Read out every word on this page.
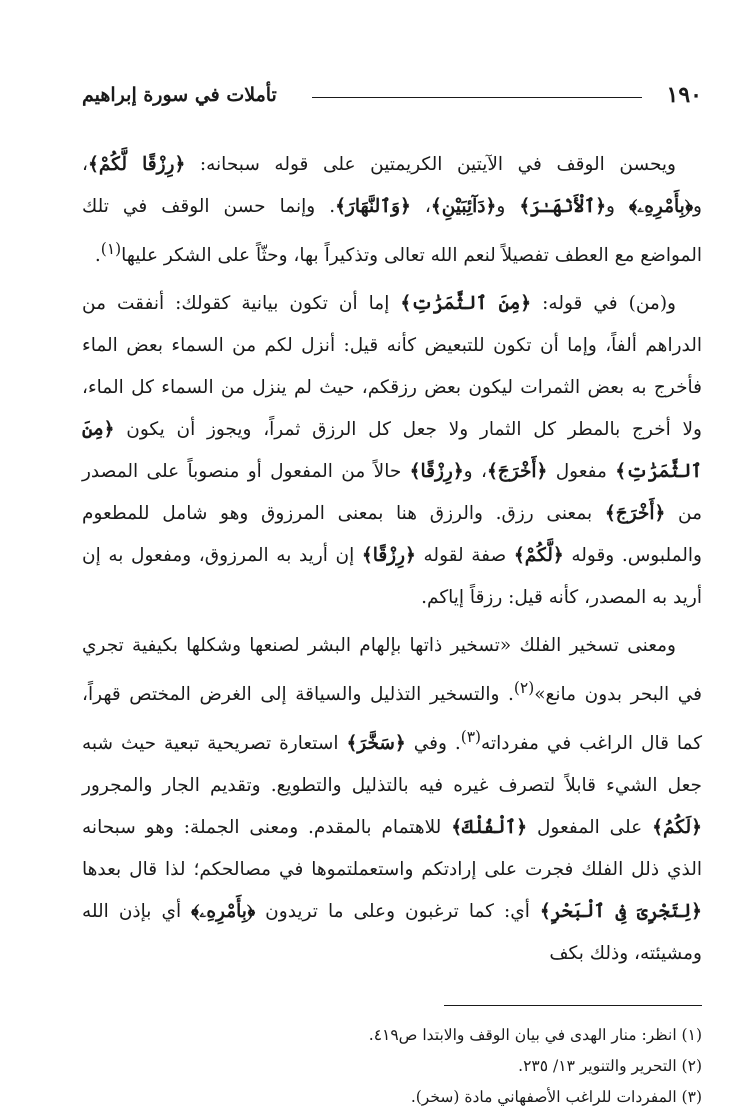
١٩٠
تأملات في سورة إبراهيم

ويحسن الوقف في الآيتين الكريمتين على قوله سبحانه: ﴿رِزْقًا لَّكُمْ﴾، و﴿بِأَمْرِهِۦ﴾ و﴿ٱلْأَنْهَـٰرَ﴾ و﴿دَآئِبَيْنِ﴾، ﴿وَٱلنَّهَارَ﴾. وإنما حسن الوقف في تلك المواضع مع العطف تفصيلاً لنعم الله تعالى وتذكيراً بها، وحثّاً على الشكر عليها$^{(١)}$.

و(من) في قوله: ﴿مِنَ ٱلثَّمَرَٰتِ﴾ إما أن تكون بيانية كقولك: أنفقت من الدراهم ألفاً، وإما أن تكون للتبعيض كأنه قيل: أنزل لكم من السماء بعض الماء فأخرج به بعض الثمرات ليكون بعض رزقكم، حيث لم ينزل من السماء كل الماء، ولا أخرج بالمطر كل الثمار ولا جعل كل الرزق ثمراً، ويجوز أن يكون ﴿مِنَ ٱلثَّمَرَٰتِ﴾ مفعول ﴿أَخْرَجَ﴾، و﴿رِزْقًا﴾ حالاً من المفعول أو منصوباً على المصدر من ﴿أَخْرَجَ﴾ بمعنى رزق. والرزق هنا بمعنى المرزوق وهو شامل للمطعوم والملبوس. وقوله ﴿لَّكُمْ﴾ صفة لقوله ﴿رِزْقًا﴾ إن أريد به المرزوق، ومفعول به إن أريد به المصدر، كأنه قيل: رزقاً إياكم.

ومعنى تسخير الفلك «تسخير ذاتها بإلهام البشر لصنعها وشكلها بكيفية تجري في البحر بدون مانع»$^{(٢)}$. والتسخير التذليل والسياقة إلى الغرض المختص قهراً، كما قال الراغب في مفرداته$^{(٣)}$. وفي ﴿سَخَّرَ﴾ استعارة تصريحية تبعية حيث شبه جعل الشيء قابلاً لتصرف غيره فيه بالتذليل والتطويع. وتقديم الجار والمجرور ﴿لَكُمُ﴾ على المفعول ﴿ٱلْفُلْكَ﴾ للاهتمام بالمقدم. ومعنى الجملة: وهو سبحانه الذي ذلل الفلك فجرت على إرادتكم واستعملتموها في مصالحكم؛ لذا قال بعدها ﴿لِتَجْرِىَ فِى ٱلْبَحْرِ﴾ أي: كما ترغبون وعلى ما تريدون ﴿بِأَمْرِهِۦ﴾ أي بإذن الله ومشيئته، وذلك بكف

(١) انظر: منار الهدى في بيان الوقف والابتدا ص٤١٩.

(٢) التحرير والتنوير ١٣/ ٢٣٥.

(٣) المفردات للراغب الأصفهاني مادة (سخر).
